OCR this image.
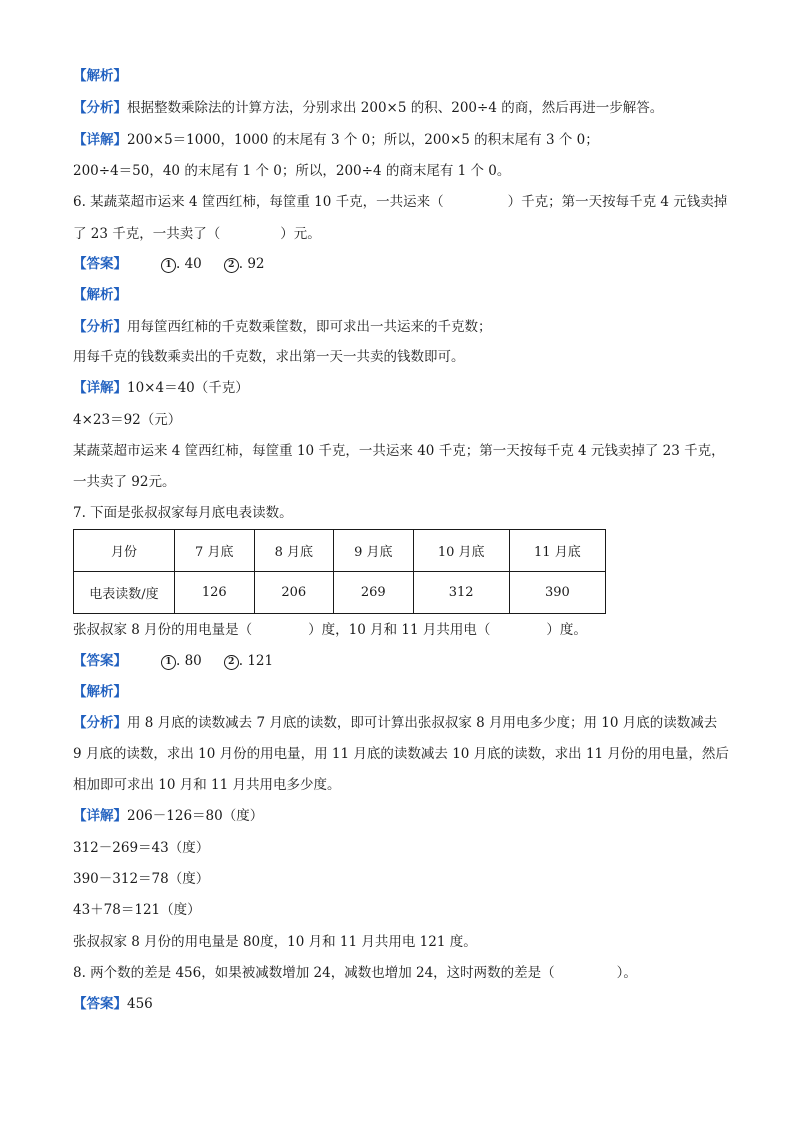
【解析】
【分析】根据整数乘除法的计算方法，分别求出 200×5 的积、200÷4 的商，然后再进一步解答。
【详解】200×5＝1000，1000 的末尾有 3 个 0；所以，200×5 的积末尾有 3 个 0；
200÷4＝50，40 的末尾有 1 个 0；所以，200÷4 的商末尾有 1 个 0。
6. 某蔬菜超市运来 4 筐西红柿，每筐重 10 千克，一共运来（	）千克；第一天按每千克 4 元钱卖掉
了 23 千克，一共卖了（	）元。
【答案】	1 . 40	2 . 92
【解析】
【分析】用每筐西红柿的千克数乘筐数，即可求出一共运来的千克数；
用每千克的钱数乘卖出的千克数，求出第一天一共卖的钱数即可。
【详解】10×4＝40（千克）
4×23＝92（元）
某蔬菜超市运来 4 筐西红柿，每筐重 10 千克，一共运来 40 千克；第一天按每千克 4 元钱卖掉了 23 千克，
一共卖了 92元。
7. 下面是张叔叔家每月底电表读数。
月份	7 月底	8 月底	9 月底	10 月底	11 月底
电表读数/度	126	206	269	312	390
张叔叔家 8 月份的用电量是（	）度，10 月和 11 月共用电（	）度。
【答案】	1 . 80	2 . 121
【解析】
【分析】用 8 月底的读数减去 7 月底的读数，即可计算出张叔叔家 8 月用电多少度；用 10 月底的读数减去
9 月底的读数，求出 10 月份的用电量，用 11 月底的读数减去 10 月底的读数，求出 11 月份的用电量，然后
相加即可求出 10 月和 11 月共用电多少度。
【详解】206－126＝80（度）
312－269＝43（度）
390－312＝78（度）
43＋78＝121（度）
张叔叔家 8 月份的用电量是 80度，10 月和 11 月共用电 121 度。
8. 两个数的差是 456，如果被减数增加 24，减数也增加 24，这时两数的差是（	）。
【答案】456
